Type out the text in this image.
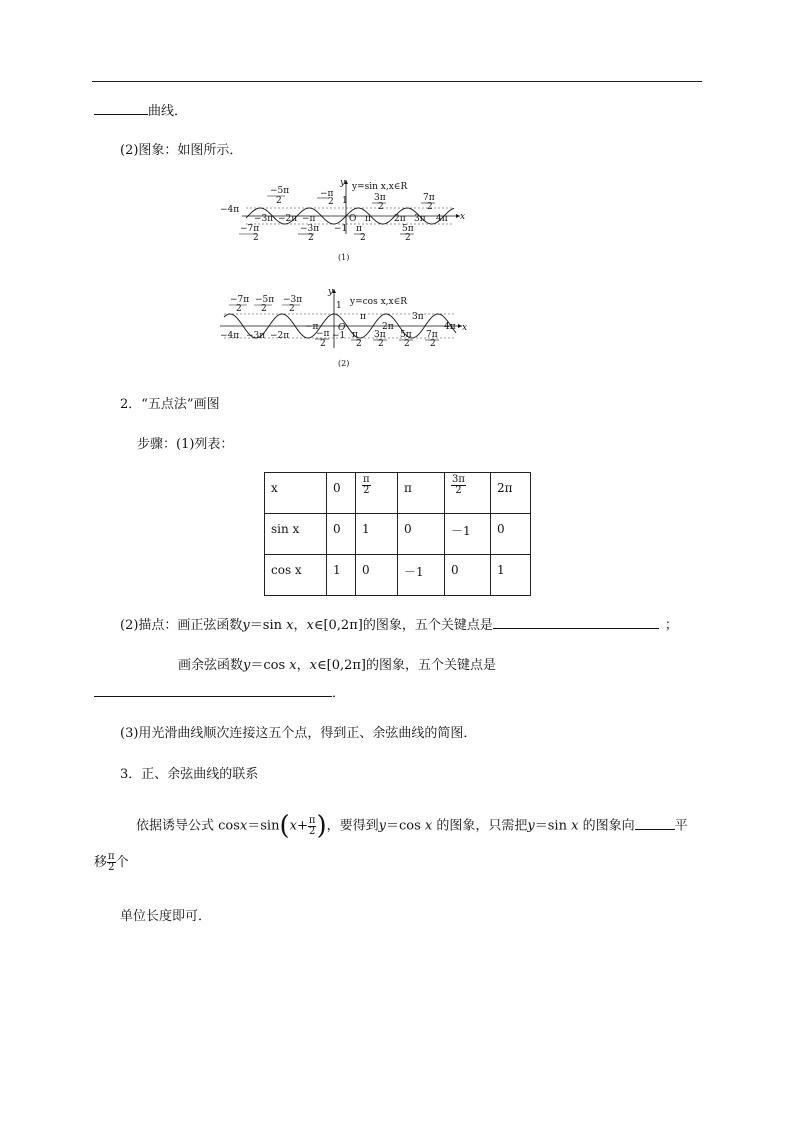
曲线．
(2)图象：如图所示．
y=sin x,x∈R
(1)
−4π
−5π
2
−π
2 1	3π
2
7π
2
−3π −2π −π	O π	2π 3π 4π x
y
−7π
2
−3π
2
−1 π
2
5π
2
y=cos x,x∈R
(2)
−7π
2
−5π
2
−3π
2	1
π	3π
−4π −3π −2π
−π O	2π	4π x
y
−π
2
−1 π
2
3π
2
5π
2
7π
2
2．“五点法”画图
步骤：(1)列表：
x	0	$\frac{\pi}{2}$	π	$\frac{3\pi}{2}$	2π
sin x	0	1	0	－1	0
cos x	1	0	－1	0	1
(2)描点：画正弦函数y＝sin x，x∈[0,2π]的图象，五个关键点是	；
画余弦函数y＝cos x，x∈[0,2π]的图象，五个关键点是
．
(3)用光滑曲线顺次连接这五个点，得到正、余弦曲线的简图．
3．正、余弦曲线的联系
依据诱导公式 $\cos x=\sin(x+ \frac{\pi}{2}$ )，要得到y＝cos x 的图象，只需把y＝sin x 的图象向	平
移 $\frac{\pi}{2}$ 个
单位长度即可．
